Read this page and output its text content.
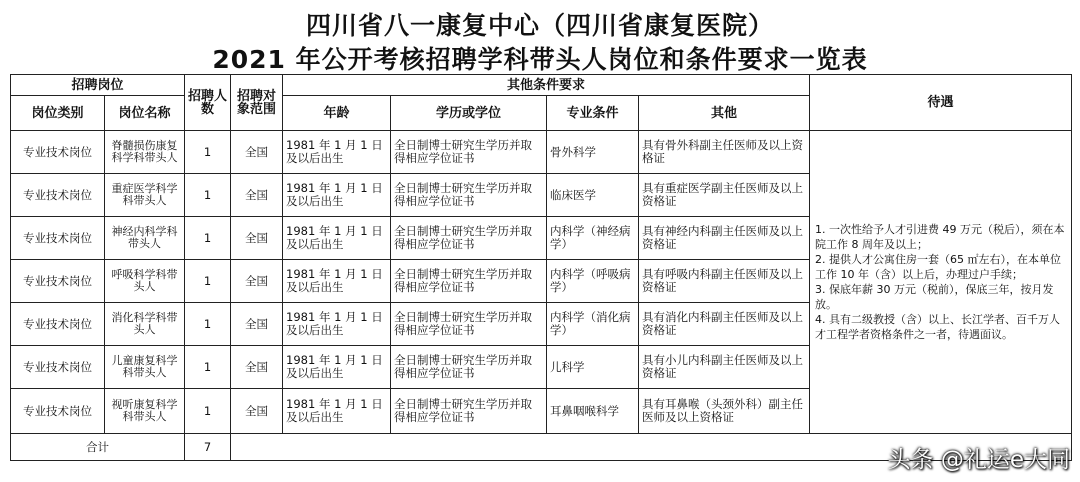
四川省八一康复中心（四川省康复医院）
2021 年公开考核招聘学科带头人岗位和条件要求一览表
招聘岗位		招聘人数	招聘对象范围	其他条件要求				待遇
岗位类别	岗位名称			年龄	学历或学位	专业条件	其他	
专业技术岗位	脊髓损伤康复科学科带头人	1	全国	1981 年 1 月 1 日及以后出生	全日制博士研究生学历并取得相应学位证书	骨外科学	具有骨外科副主任医师及以上资格证	1. 一次性给予人才引进费 49 万元（税后），须在本院工作 8 周年及以上；
2. 提供人才公寓住房一套（65 ㎡左右），在本单位工作 10 年（含）以上后，办理过户手续；
3. 保底年薪 30 万元（税前），保底三年，按月发放。
4. 具有二级教授（含）以上、长江学者、百千万人才工程学者资格条件之一者，待遇面议。

专业技术岗位	重症医学科学科带头人	1	全国	1981 年 1 月 1 日及以后出生	全日制博士研究生学历并取得相应学位证书	临床医学	具有重症医学副主任医师及以上资格证	
专业技术岗位	神经内科学科带头人	1	全国	1981 年 1 月 1 日及以后出生	全日制博士研究生学历并取得相应学位证书	内科学（神经病学）	具有神经内科副主任医师及以上资格证	
专业技术岗位	呼吸科学科带头人	1	全国	1981 年 1 月 1 日及以后出生	全日制博士研究生学历并取得相应学位证书	内科学（呼吸病学）	具有呼吸内科副主任医师及以上资格证	
专业技术岗位	消化科学科带头人	1	全国	1981 年 1 月 1 日及以后出生	全日制博士研究生学历并取得相应学位证书	内科学（消化病学）	具有消化内科副主任医师及以上资格证	
专业技术岗位	儿童康复科学科带头人	1	全国	1981 年 1 月 1 日及以后出生	全日制博士研究生学历并取得相应学位证书	儿科学	具有小儿内科副主任医师及以上资格证	
专业技术岗位	视听康复科学科带头人	1	全国	1981 年 1 月 1 日及以后出生	全日制博士研究生学历并取得相应学位证书	耳鼻咽喉科学	具有耳鼻喉（头颈外科）副主任医师及以上资格证	
合计		7						
头条 @礼运e大同
